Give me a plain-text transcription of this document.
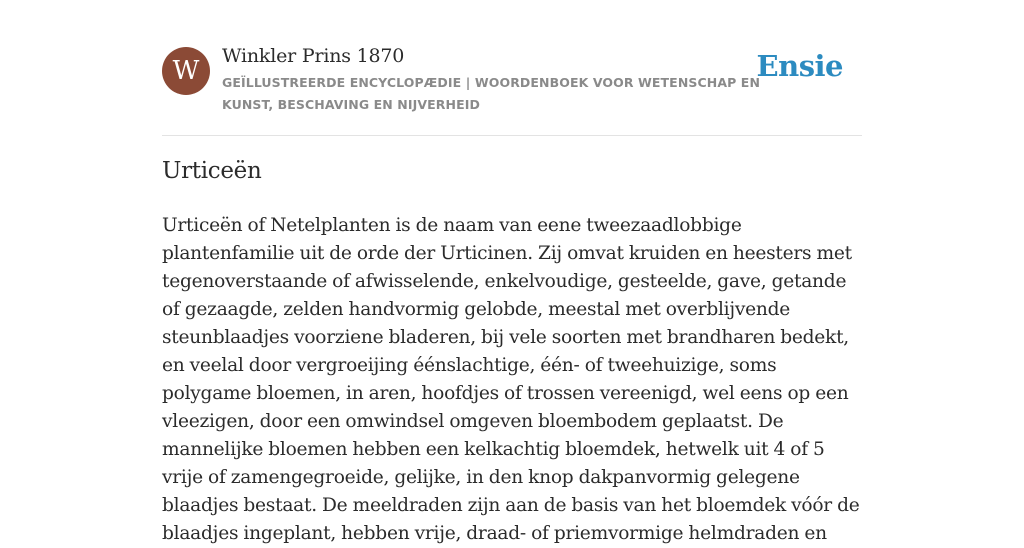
W	Winkler Prins 1870
GEÏLLUSTREERDE ENCYCLOPÆDIE | WOORDENBOEK VOOR WETENSCHAP EN KUNST, BESCHAVING EN NIJVERHEID
Ensie
Urticeën

Urticeën of Netelplanten is de naam van eene tweezaadlobbige plantenfamilie uit de orde der Urticinen. Zij omvat kruiden en heesters met tegenoverstaande of afwisselende, enkelvoudige, gesteelde, gave, getande of gezaagde, zelden handvormig gelobde, meestal met overblijvende steunblaadjes voorziene bladeren, bij vele soorten met brandharen bedekt, en veelal door vergroeijing éénslachtige, één- of tweehuizige, soms polygame bloemen, in aren, hoofdjes of trossen vereenigd, wel eens op een vleezigen, door een omwindsel omgeven bloembodem geplaatst. De mannelijke bloemen hebben een kelkachtig bloemdek, hetwelk uit 4 of 5 vrije of zamengegroeide, gelijke, in den knop dakpanvormig gelegene blaadjes bestaat. De meeldraden zijn aan de basis van het bloemdek vóór de blaadjes ingeplant, hebben vrije, draad- of priemvormige helmdraden en
